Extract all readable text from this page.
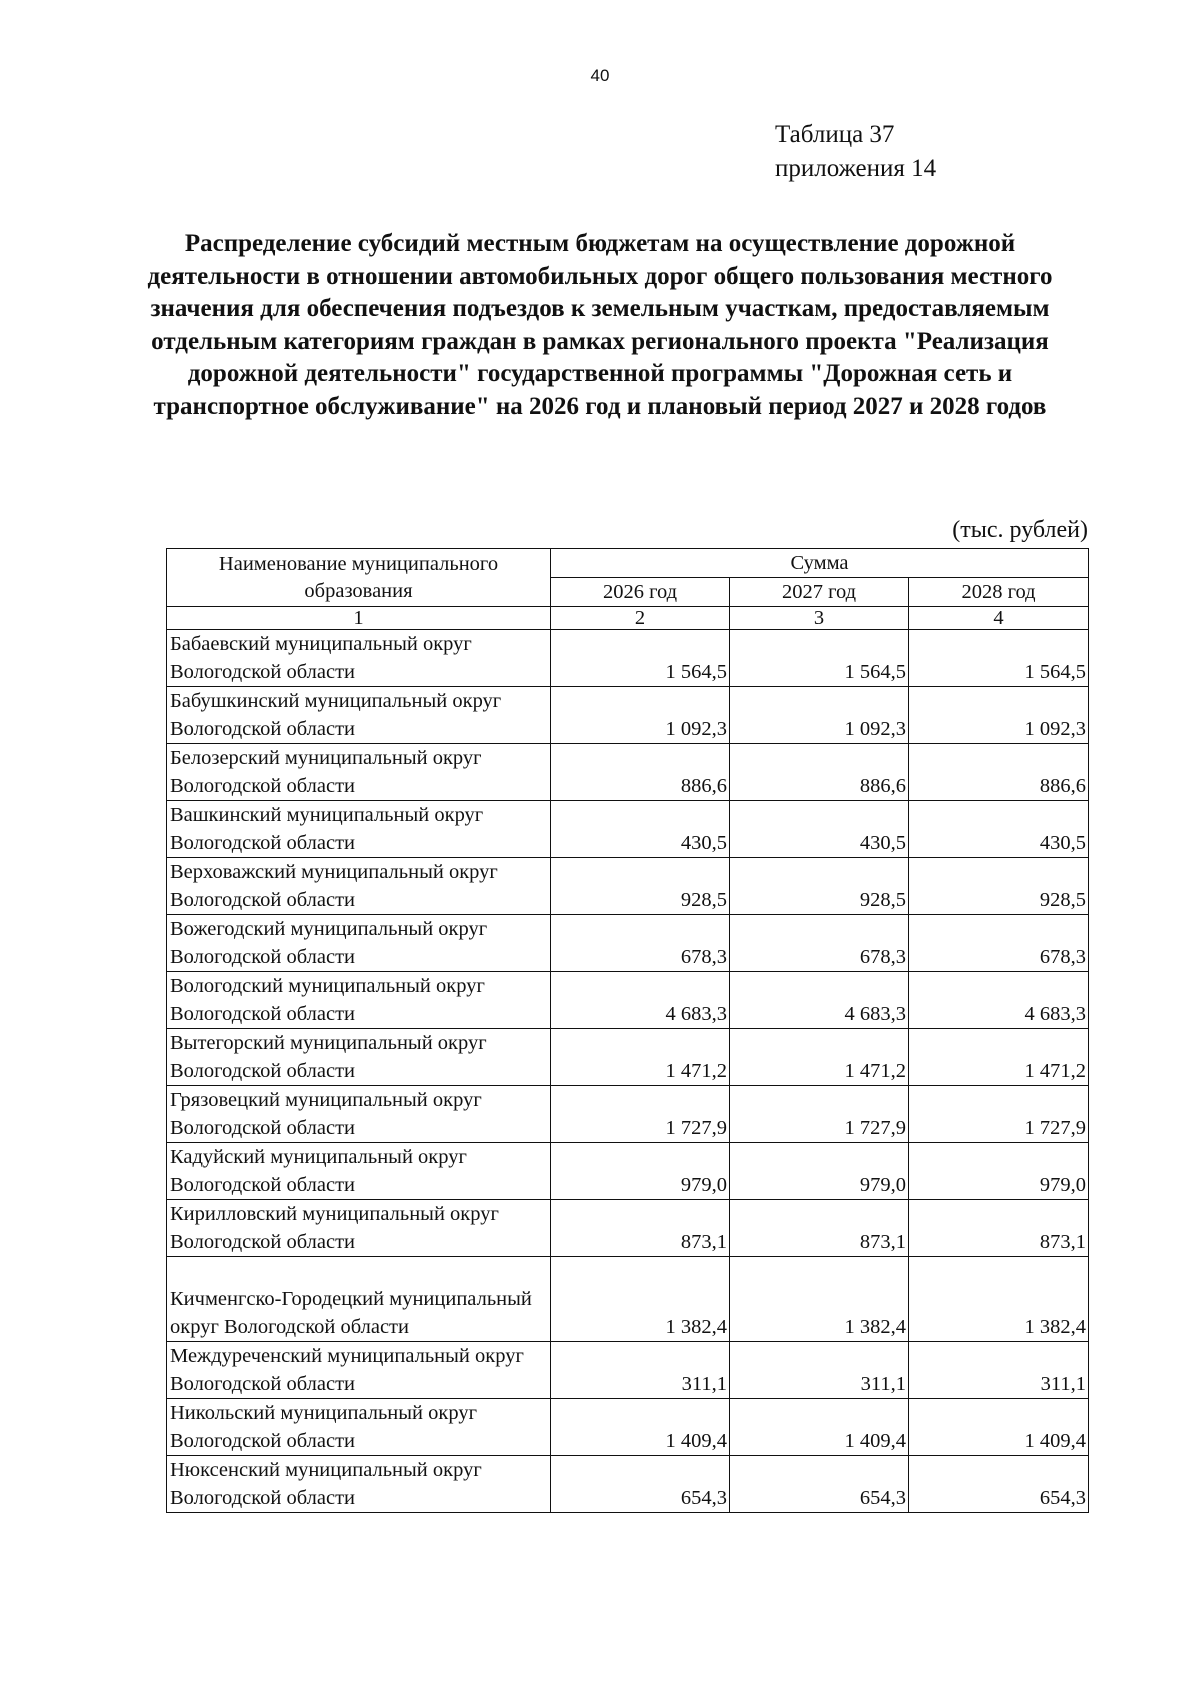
40
Таблица 37
приложения 14
Распределение субсидий местным бюджетам на осуществление дорожной деятельности в отношении автомобильных дорог общего пользования местного значения для обеспечения подъездов к земельным участкам, предоставляемым отдельным категориям граждан в рамках регионального проекта "Реализация дорожной деятельности" государственной программы "Дорожная сеть и транспортное обслуживание" на 2026 год и плановый период 2027 и 2028 годов
(тыс. рублей)
Наименование муниципального образования	Сумма		
	2026 год	2027 год	2028 год
1	2	3	4
Бабаевский муниципальный округ Вологодской области	1 564,5	1 564,5	1 564,5
Бабушкинский муниципальный округ Вологодской области	1 092,3	1 092,3	1 092,3
Белозерский муниципальный округ Вологодской области	886,6	886,6	886,6
Вашкинский муниципальный округ Вологодской области	430,5	430,5	430,5
Верховажский муниципальный округ Вологодской области	928,5	928,5	928,5
Вожегодский муниципальный округ Вологодской области	678,3	678,3	678,3
Вологодский муниципальный округ Вологодской области	4 683,3	4 683,3	4 683,3
Вытегорский муниципальный округ Вологодской области	1 471,2	1 471,2	1 471,2
Грязовецкий муниципальный округ Вологодской области	1 727,9	1 727,9	1 727,9
Кадуйский муниципальный округ Вологодской области	979,0	979,0	979,0
Кирилловский муниципальный округ Вологодской области	873,1	873,1	873,1
Кичменгско-Городецкий муниципальный округ Вологодской области	1 382,4	1 382,4	1 382,4
Междуреченский муниципальный округ Вологодской области	311,1	311,1	311,1
Никольский муниципальный округ Вологодской области	1 409,4	1 409,4	1 409,4
Нюксенский муниципальный округ Вологодской области	654,3	654,3	654,3
